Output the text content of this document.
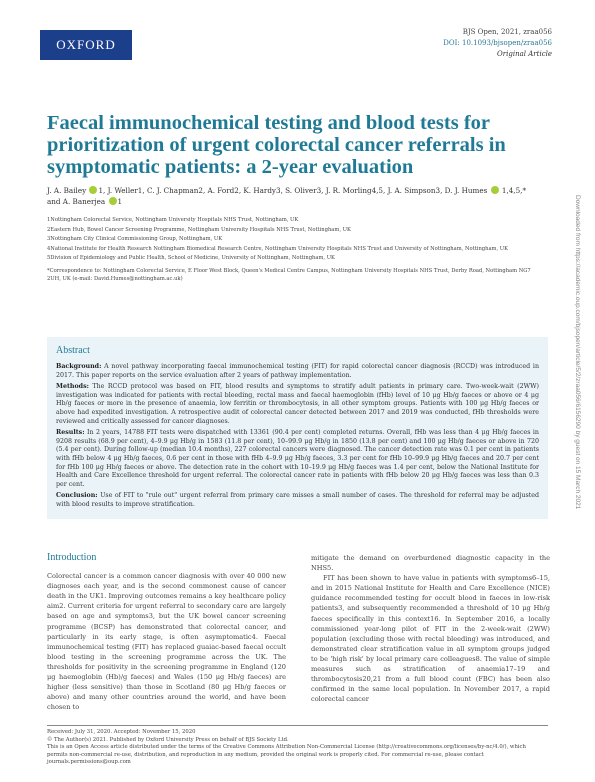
OXFORD
BJS Open, 2021, zraa056
DOI: 10.1093/bjsopen/zraa056
Original Article
Faecal immunochemical testing and blood tests for prioritization of urgent colorectal cancer referrals in symptomatic patients: a 2-year evaluation
J. A. Bailey 1, J. Weller1, C. J. Chapman2, A. Ford2, K. Hardy3, S. Oliver3, J. R. Morling4,5, J. A. Simpson3, D. J. Humes 1,4,5,* and A. Banerjea 1

1Nottingham Colorectal Service, Nottingham University Hospitals NHS Trust, Nottingham, UK

2Eastern Hub, Bowel Cancer Screening Programme, Nottingham University Hospitals NHS Trust, Nottingham, UK

3Nottingham City Clinical Commissioning Group, Nottingham, UK

4National Institute for Health Research Nottingham Biomedical Research Centre, Nottingham University Hospitals NHS Trust and University of Nottingham, Nottingham, UK

5Division of Epidemiology and Public Health, School of Medicine, University of Nottingham, Nottingham, UK

*Correspondence to: Nottingham Colorectal Service, E Floor West Block, Queen's Medical Centre Campus, Nottingham University Hospitals NHS Trust, Derby Road, Nottingham NG7 2UH, UK (e-mail: David.Humes@nottingham.ac.uk)

Abstract

Background: A novel pathway incorporating faecal immunochemical testing (FIT) for rapid colorectal cancer diagnosis (RCCD) was introduced in 2017. This paper reports on the service evaluation after 2 years of pathway implementation.

Methods: The RCCD protocol was based on FIT, blood results and symptoms to stratify adult patients in primary care. Two-week-wait (2WW) investigation was indicated for patients with rectal bleeding, rectal mass and faecal haemoglobin (fHb) level of 10 μg Hb/g faeces or above or 4 μg Hb/g faeces or more in the presence of anaemia, low ferritin or thrombocytosis, in all other symptom groups. Patients with 100 μg Hb/g faeces or above had expedited investigation. A retrospective audit of colorectal cancer detected between 2017 and 2019 was conducted, fHb thresholds were reviewed and critically assessed for cancer diagnoses.

Results: In 2 years, 14788 FIT tests were dispatched with 13361 (90.4 per cent) completed returns. Overall, fHb was less than 4 μg Hb/g faeces in 9208 results (68.9 per cent), 4–9.9 μg Hb/g in 1583 (11.8 per cent), 10–99.9 μg Hb/g in 1850 (13.8 per cent) and 100 μg Hb/g faeces or above in 720 (5.4 per cent). During follow-up (median 10.4 months), 227 colorectal cancers were diagnosed. The cancer detection rate was 0.1 per cent in patients with fHb below 4 μg Hb/g faeces, 0.6 per cent in those with fHb 4–9.9 μg Hb/g faeces, 3.3 per cent for fHb 10–99.9 μg Hb/g faeces and 20.7 per cent for fHb 100 μg Hb/g faeces or above. The detection rate in the cohort with 10–19.9 μg Hb/g faeces was 1.4 per cent, below the National Institute for Health and Care Excellence threshold for urgent referral. The colorectal cancer rate in patients with fHb below 20 μg Hb/g faeces was less than 0.3 per cent.

Conclusion: Use of FIT to "rule out" urgent referral from primary care misses a small number of cases. The threshold for referral may be adjusted with blood results to improve stratification.

Introduction

Colorectal cancer is a common cancer diagnosis with over 40 000 new diagnoses each year, and is the second commonest cause of cancer death in the UK1. Improving outcomes remains a key healthcare policy aim2. Current criteria for urgent referral to secondary care are largely based on age and symptoms3, but the UK bowel cancer screening programme (BCSP) has demonstrated that colorectal cancer, and particularly in its early stage, is often asymptomatic4. Faecal immunochemical testing (FIT) has replaced guaiac-based faecal occult blood testing in the screening programme across the UK. The thresholds for positivity in the screening programme in England (120 μg haemoglobin (Hb)/g faeces) and Wales (150 μg Hb/g faeces) are higher (less sensitive) than those in Scotland (80 μg Hb/g faeces or above) and many other countries around the world, and have been chosen to

mitigate the demand on overburdened diagnostic capacity in the NHS5.

FIT has been shown to have value in patients with symptoms6–15, and in 2015 National Institute for Health and Care Excellence (NICE) guidance recommended testing for occult blood in faeces in low-risk patients3, and subsequently recommended a threshold of 10 μg Hb/g faeces specifically in this context16. In September 2016, a locally commissioned year-long pilot of FIT in the 2-week-wait (2WW) population (excluding those with rectal bleeding) was introduced, and demonstrated clear stratification value in all symptom groups judged to be 'high risk' by local primary care colleagues8. The value of simple measures such as stratification of anaemia17–19 and thrombocytosis20,21 from a full blood count (FBC) has been also confirmed in the same local population. In November 2017, a rapid colorectal cancer

Received: July 31, 2020. Accepted: November 15, 2020
© The Author(s) 2021. Published by Oxford University Press on behalf of BJS Society Ltd.
This is an Open Access article distributed under the terms of the Creative Commons Attribution Non-Commercial License (http://creativecommons.org/licenses/by-nc/4.0/), which permits non-commercial re-use, distribution, and reproduction in any medium, provided the original work is properly cited. For commercial re-use, please contact journals.permissions@oup.com
Downloaded from https://academic.oup.com/bjsopen/article/5/2/zraa056/6156290 by guest on 15 March 2021
